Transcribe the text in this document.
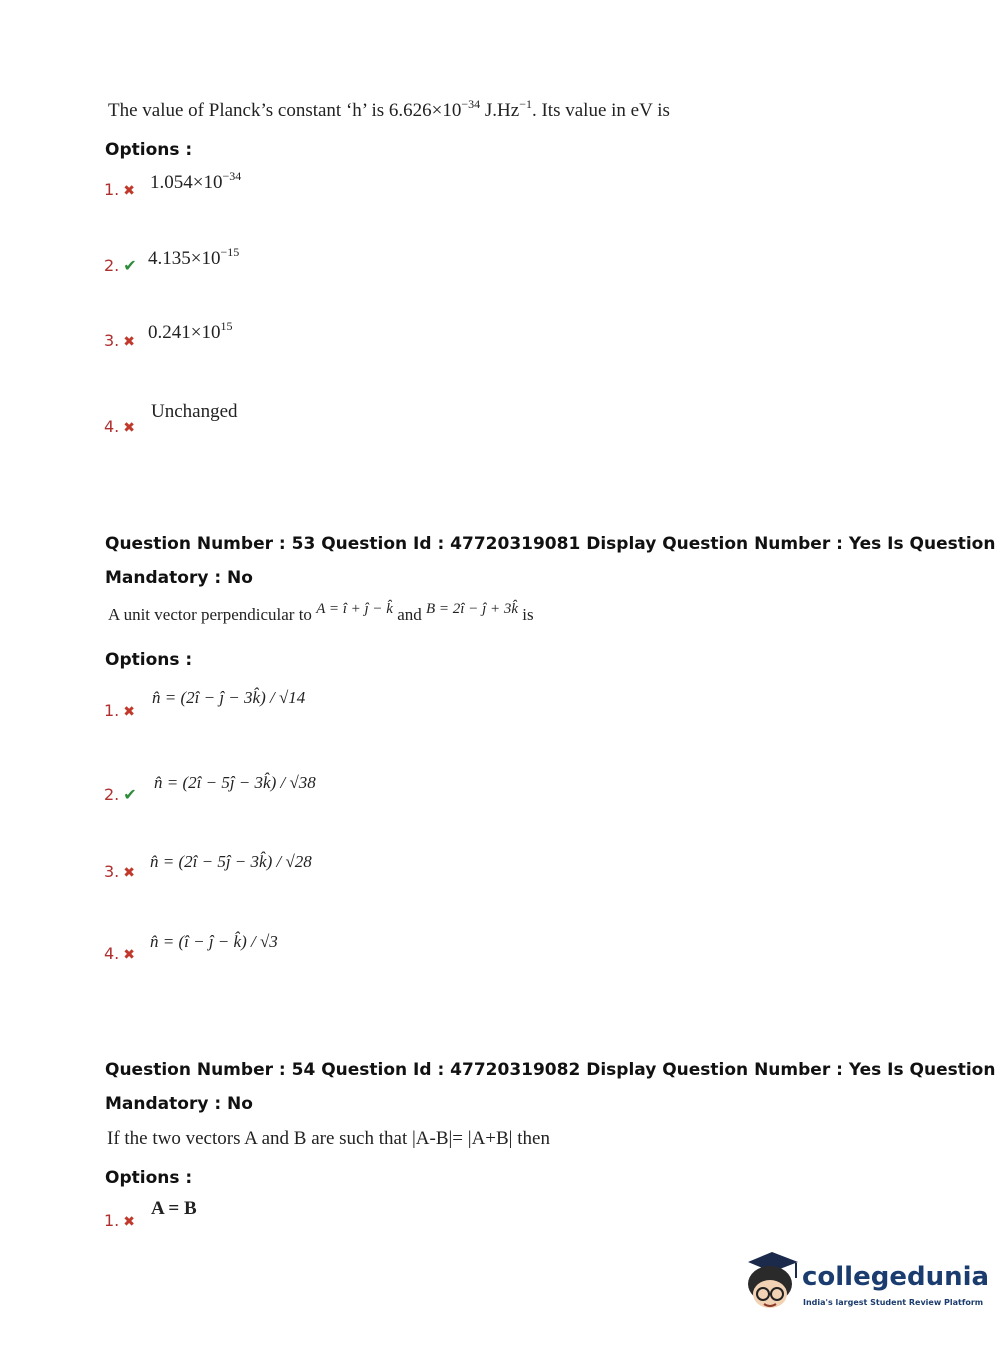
The value of Planck’s constant ‘h’ is $6.626\times 10^{-34}$ $J.Hz^{-1}$. Its value in eV is
Options :
1. ✖ $1.054\times 10^{-34}$
2. ✔ $4.135\times 10^{-15}$
3. ✖ $0.241\times 10^{15}$
4. ✖
Unchanged
Question Number : 53 Question Id : 47720319081 Display Question Number : Yes Is Question
Mandatory : No
A unit vector perpendicular to A = î + ĵ − k̂ and B = 2î − ĵ + 3k̂ is
Options :
1. ✖
n̂ = (2î − ĵ − 3k̂) / √14
2. ✔
n̂ = (2î − 5ĵ − 3k̂) / √38
3. ✖
n̂ = (2î − 5ĵ − 3k̂) / √28
4. ✖
n̂ = (î − ĵ − k̂) / √3
Question Number : 54 Question Id : 47720319082 Display Question Number : Yes Is Question
Mandatory : No
If the two vectors A and B are such that |A-B|= |A+B| then
Options :
1. ✖
A = B
collegedunia
India's largest Student Review Platform
